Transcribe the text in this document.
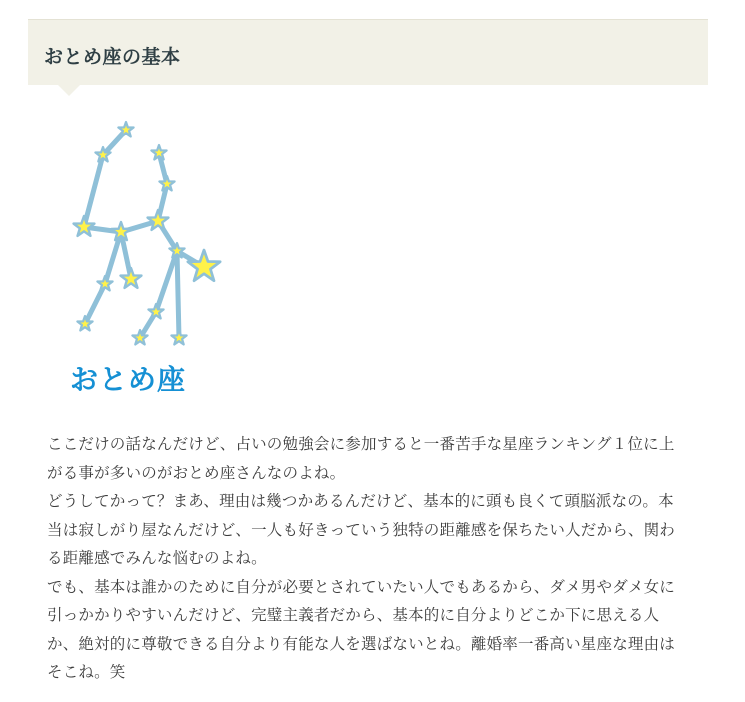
おとめ座の基本
おとめ座

ここだけの話なんだけど、占いの勉強会に参加すると一番苦手な星座ランキング１位に上
がる事が多いのがおとめ座さんなのよね。
どうしてかって？まあ、理由は幾つかあるんだけど、基本的に頭も良くて頭脳派なの。本
当は寂しがり屋なんだけど、一人も好きっていう独特の距離感を保ちたい人だから、関わ
る距離感でみんな悩むのよね。
でも、基本は誰かのために自分が必要とされていたい人でもあるから、ダメ男やダメ女に
引っかかりやすいんだけど、完璧主義者だから、基本的に自分よりどこか下に思える人
か、絶対的に尊敬できる自分より有能な人を選ばないとね。離婚率一番高い星座な理由は
そこね。笑
